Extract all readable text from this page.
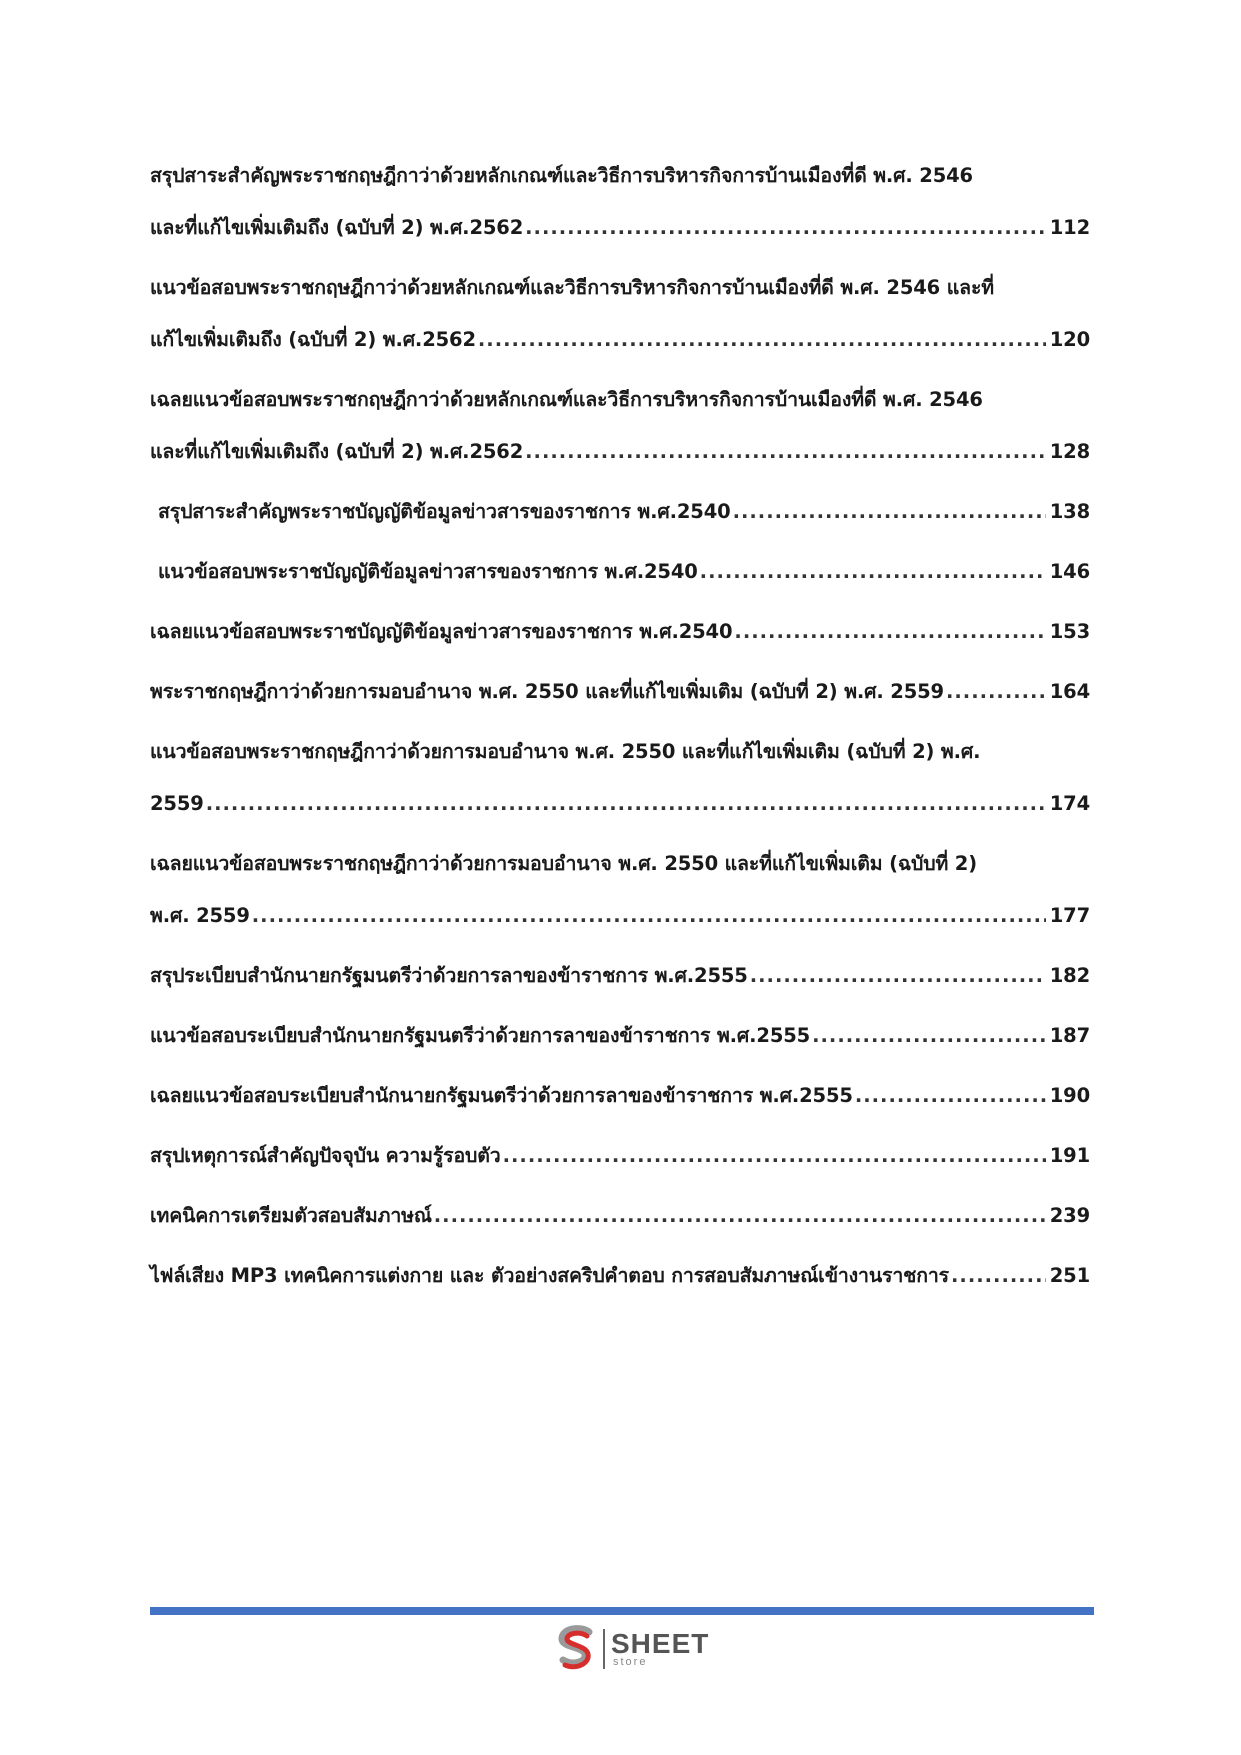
สรุปสาระสำคัญพระราชกฤษฎีกาว่าด้วยหลักเกณฑ์และวิธีการบริหารกิจการบ้านเมืองที่ดี พ.ศ. 2546
และที่แก้ไขเพิ่มเติมถึง (ฉบับที่ 2) พ.ศ.2562 .....	112
แนวข้อสอบพระราชกฤษฎีกาว่าด้วยหลักเกณฑ์และวิธีการบริหารกิจการบ้านเมืองที่ดี พ.ศ. 2546 และที่
แก้ไขเพิ่มเติมถึง (ฉบับที่ 2) พ.ศ.2562 .....	120
เฉลยแนวข้อสอบพระราชกฤษฎีกาว่าด้วยหลักเกณฑ์และวิธีการบริหารกิจการบ้านเมืองที่ดี พ.ศ. 2546
และที่แก้ไขเพิ่มเติมถึง (ฉบับที่ 2) พ.ศ.2562 .....	128
สรุปสาระสำคัญพระราชบัญญัติข้อมูลข่าวสารของราชการ พ.ศ.2540 .....	138
แนวข้อสอบพระราชบัญญัติข้อมูลข่าวสารของราชการ พ.ศ.2540 .....	146
เฉลยแนวข้อสอบพระราชบัญญัติข้อมูลข่าวสารของราชการ พ.ศ.2540 .....	153
พระราชกฤษฎีกาว่าด้วยการมอบอำนาจ พ.ศ. 2550 และที่แก้ไขเพิ่มเติม (ฉบับที่ 2) พ.ศ. 2559 .....	164
แนวข้อสอบพระราชกฤษฎีกาว่าด้วยการมอบอำนาจ พ.ศ. 2550 และที่แก้ไขเพิ่มเติม (ฉบับที่ 2) พ.ศ.
2559 .....	174
เฉลยแนวข้อสอบพระราชกฤษฎีกาว่าด้วยการมอบอำนาจ พ.ศ. 2550 และที่แก้ไขเพิ่มเติม (ฉบับที่ 2)
พ.ศ. 2559 .....	177
สรุประเบียบสำนักนายกรัฐมนตรีว่าด้วยการลาของข้าราชการ พ.ศ.2555 .....	182
แนวข้อสอบระเบียบสำนักนายกรัฐมนตรีว่าด้วยการลาของข้าราชการ พ.ศ.2555 .....	187
เฉลยแนวข้อสอบระเบียบสำนักนายกรัฐมนตรีว่าด้วยการลาของข้าราชการ พ.ศ.2555 .....	190
สรุปเหตุการณ์สำคัญปัจจุบัน ความรู้รอบตัว .....	191
เทคนิคการเตรียมตัวสอบสัมภาษณ์ .....	239
ไฟล์เสียง MP3 เทคนิคการแต่งกาย และ ตัวอย่างสคริปคำตอบ การสอบสัมภาษณ์เข้างานราชการ .....	251
SHEET
store
